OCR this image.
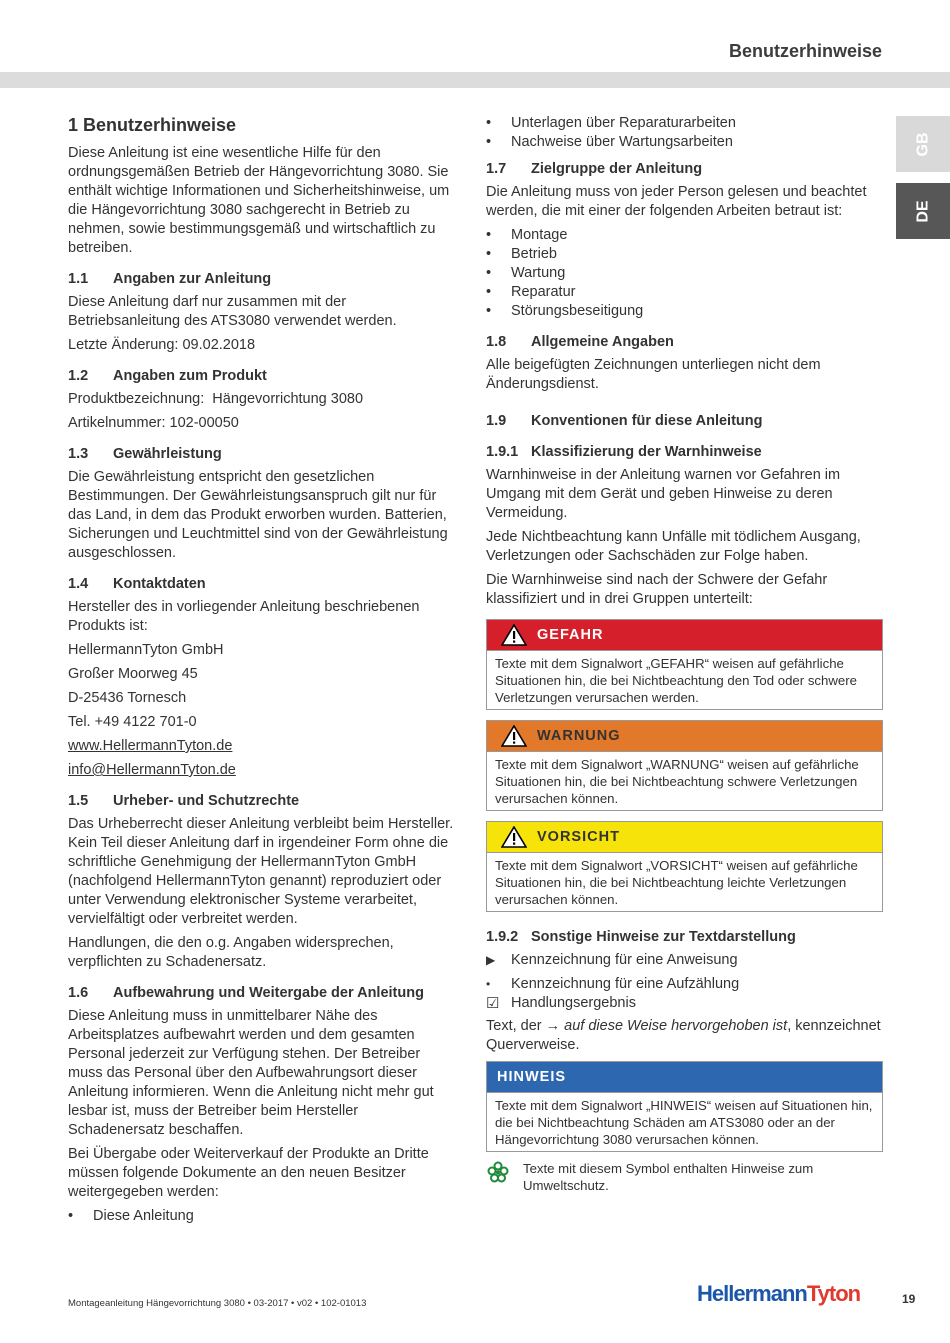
Benutzerhinweise
GB
DE
1 Benutzerhinweise

Diese Anleitung ist eine wesentliche Hilfe für den ordnungsgemäßen Betrieb der Hängevorrichtung 3080. Sie enthält wichtige Informationen und Sicherheitshinweise, um die Hängevorrichtung 3080 sachgerecht in Betrieb zu nehmen, sowie bestimmungsgemäß und wirtschaftlich zu betreiben.

1.1	Angaben zur Anleitung

Diese Anleitung darf nur zusammen mit der Betriebsanleitung des ATS3080 verwendet werden.

Letzte Änderung: 09.02.2018

1.2	Angaben zum Produkt

Produktbezeichnung:  Hängevorrichtung 3080

Artikelnummer: 102-00050

1.3	Gewährleistung

Die Gewährleistung entspricht den gesetzlichen Bestimmungen. Der Gewährleistungsanspruch gilt nur für das Land, in dem das Produkt erworben wurden. Batterien, Sicherungen und Leuchtmittel sind von der Gewährleistung ausgeschlossen.

1.4	Kontaktdaten

Hersteller des in vorliegender Anleitung beschriebenen Produkts ist:

HellermannTyton GmbH

Großer Moorweg 45

D-25436 Tornesch

Tel. +49 4122 701-0

www.HellermannTyton.de

info@HellermannTyton.de

1.5	Urheber- und Schutzrechte

Das Urheberrecht dieser Anleitung verbleibt beim Hersteller. Kein Teil dieser Anleitung darf in irgendeiner Form ohne die schriftliche Genehmigung der HellermannTyton GmbH (nachfolgend HellermannTyton genannt) reproduziert oder unter Verwendung elektronischer Systeme verarbeitet, vervielfältigt oder verbreitet werden.

Handlungen, die den o.g. Angaben widersprechen, verpflichten zu Schadenersatz.

1.6	Aufbewahrung und Weitergabe der Anleitung

Diese Anleitung muss in unmittelbarer Nähe des Arbeitsplatzes aufbewahrt werden und dem gesamten Personal jederzeit zur Verfügung stehen. Der Betreiber muss das Personal über den Aufbewahrungsort dieser Anleitung informieren. Wenn die Anleitung nicht mehr gut lesbar ist, muss der Betreiber beim Hersteller Schadenersatz beschaffen.

Bei Übergabe oder Weiterverkauf der Produkte an Dritte müssen folgende Dokumente an den neuen Besitzer weitergegeben werden:

•	Diese Anleitung
•	Unterlagen über Reparaturarbeiten
•	Nachweise über Wartungsarbeiten
1.7	Zielgruppe der Anleitung

Die Anleitung muss von jeder Person gelesen und beachtet werden, die mit einer der folgenden Arbeiten betraut ist:

•	Montage
•	Betrieb
•	Wartung
•	Reparatur
•	Störungsbeseitigung
1.8	Allgemeine Angaben

Alle beigefügten Zeichnungen unterliegen nicht dem Änderungsdienst.

1.9	Konventionen für diese Anleitung
1.9.1 Klassifizierung der Warnhinweise

Warnhinweise in der Anleitung warnen vor Gefahren im Umgang mit dem Gerät und geben Hinweise zu deren Vermeidung.

Jede Nichtbeachtung kann Unfälle mit tödlichem Ausgang, Verletzungen oder Sachschäden zur Folge haben.

Die Warnhinweise sind nach der Schwere der Gefahr klassifiziert und in drei Gruppen unterteilt:

GEFAHR
Texte mit dem Signalwort „GEFAHR“ weisen auf gefährliche Situationen hin, die bei Nichtbeachtung den Tod oder schwere Verletzungen verursachen werden.
WARNUNG
Texte mit dem Signalwort „WARNUNG“ weisen auf gefährliche Situationen hin, die bei Nichtbeachtung schwere Verletzungen verursachen können.
VORSICHT
Texte mit dem Signalwort „VORSICHT“ weisen auf gefährliche Situationen hin, die bei Nichtbeachtung leichte Verletzungen verursachen können.
1.9.2 Sonstige Hinweise zur Textdarstellung
▶	Kennzeichnung für eine Anweisung
•	Kennzeichnung für eine Aufzählung
☑ Handlungsergebnis

Text, der → auf diese Weise hervorgehoben ist, kennzeichnet Querverweise.

HINWEIS
Texte mit dem Signalwort „HINWEIS“ weisen auf Situationen hin, die bei Nichtbeachtung Schäden am ATS3080 oder an der Hängevorrichtung 3080 verursachen können.
Texte mit diesem Symbol enthalten Hinweise zum Umweltschutz.
Montageanleitung Hängevorrichtung 3080 • 03-2017 • v02 • 102-01013	HellermannTyton	19
